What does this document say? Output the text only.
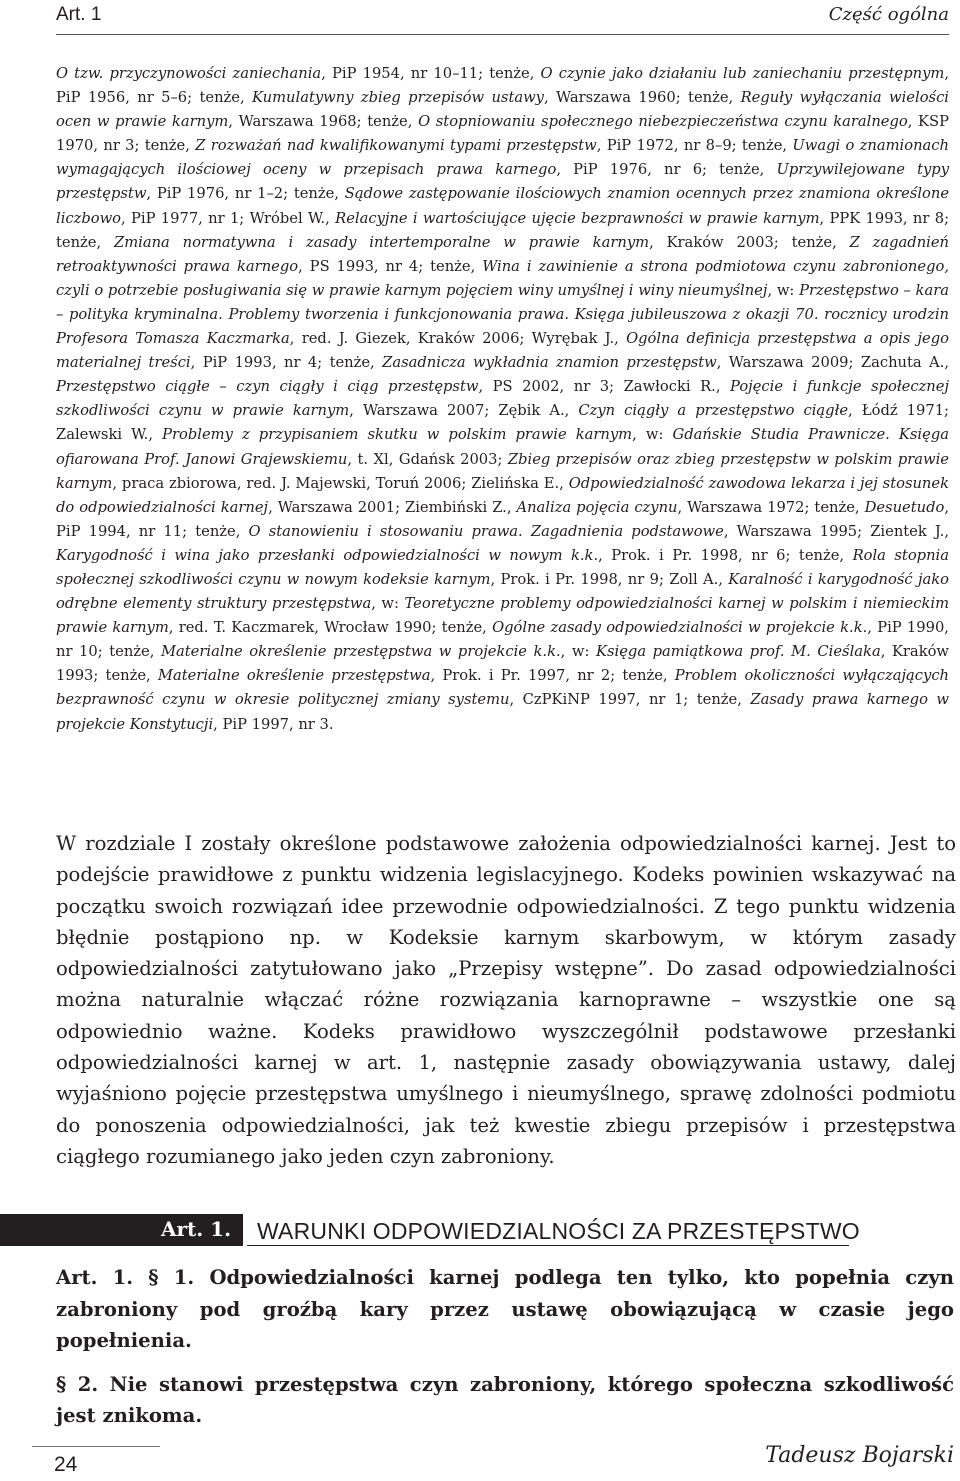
Art. 1	Część ogólna
O tzw. przyczynowości zaniechania, PiP 1954, nr 10–11; tenże, O czynie jako działaniu lub zaniechaniu przestępnym, PiP 1956, nr 5–6; tenże, Kumulatywny zbieg przepisów ustawy, Warszawa 1960; tenże, Reguły wyłączania wielości ocen w prawie karnym, Warszawa 1968; tenże, O stopniowaniu społecznego niebezpieczeństwa czynu karalnego, KSP 1970, nr 3; tenże, Z rozważań nad kwalifikowanymi typami przestępstw, PiP 1972, nr 8–9; tenże, Uwagi o znamionach wymagających ilościowej oceny w przepisach prawa karnego, PiP 1976, nr 6; tenże, Uprzywilejowane typy przestępstw, PiP 1976, nr 1–2; tenże, Sądowe zastępowanie ilościowych znamion ocennych przez znamiona określone liczbowo, PiP 1977, nr 1; Wróbel W., Relacyjne i wartościujące ujęcie bezprawności w prawie karnym, PPK 1993, nr 8; tenże, Zmiana normatywna i zasady intertemporalne w prawie karnym, Kraków 2003; tenże, Z zagadnień retroaktywności prawa karnego, PS 1993, nr 4; tenże, Wina i zawinienie a strona podmiotowa czynu zabronionego, czyli o potrzebie posługiwania się w prawie karnym pojęciem winy umyślnej i winy nieumyślnej, w: Przestępstwo – kara – polityka kryminalna. Problemy tworzenia i funkcjonowania prawa. Księga jubileuszowa z okazji 70. rocznicy urodzin Profesora Tomasza Kaczmarka, red. J. Giezek, Kraków 2006; Wyrębak J., Ogólna definicja przestępstwa a opis jego materialnej treści, PiP 1993, nr 4; tenże, Zasadnicza wykładnia znamion przestępstw, Warszawa 2009; Zachuta A., Przestępstwo ciągłe – czyn ciągły i ciąg przestępstw, PS 2002, nr 3; Zawłocki R., Pojęcie i funkcje społecznej szkodliwości czynu w prawie karnym, Warszawa 2007; Zębik A., Czyn ciągły a przestępstwo ciągłe, Łódź 1971; Zalewski W., Problemy z przypisaniem skutku w polskim prawie karnym, w: Gdańskie Studia Prawnicze. Księga ofiarowana Prof. Janowi Grajewskiemu, t. Xl, Gdańsk 2003; Zbieg przepisów oraz zbieg przestępstw w polskim prawie karnym, praca zbiorowa, red. J. Majewski, Toruń 2006; Zielińska E., Odpowiedzialność zawodowa lekarza i jej stosunek do odpowiedzialności karnej, Warszawa 2001; Ziembiński Z., Analiza pojęcia czynu, Warszawa 1972; tenże, Desuetudo, PiP 1994, nr 11; tenże, O stanowieniu i stosowaniu prawa. Zagadnienia podstawowe, Warszawa 1995; Zientek J., Karygodność i wina jako przesłanki odpowiedzialności w nowym k.k., Prok. i Pr. 1998, nr 6; tenże, Rola stopnia społecznej szkodliwości czynu w nowym kodeksie karnym, Prok. i Pr. 1998, nr 9; Zoll A., Karalność i karygodność jako odrębne elementy struktury przestępstwa, w: Teoretyczne problemy odpowiedzialności karnej w polskim i niemieckim prawie karnym, red. T. Kaczmarek, Wrocław 1990; tenże, Ogólne zasady odpowiedzialności w projekcie k.k., PiP 1990, nr 10; tenże, Materialne określenie przestępstwa w projekcie k.k., w: Księga pamiątkowa prof. M. Cieślaka, Kraków 1993; tenże, Materialne określenie przestępstwa, Prok. i Pr. 1997, nr 2; tenże, Problem okoliczności wyłączających bezprawność czynu w okresie politycznej zmiany systemu, CzPKiNP 1997, nr 1; tenże, Zasady prawa karnego w projekcie Konstytucji, PiP 1997, nr 3.
W rozdziale I zostały określone podstawowe założenia odpowiedzialności karnej. Jest to podejście prawidłowe z punktu widzenia legislacyjnego. Kodeks powinien wskazywać na początku swoich rozwiązań idee przewodnie odpowiedzialności. Z tego punktu widzenia błędnie postąpiono np. w Kodeksie karnym skarbowym, w którym zasady odpowiedzialności zatytułowano jako „Przepisy wstępne”. Do zasad odpowiedzialności można naturalnie włączać różne rozwiązania karnoprawne – wszystkie one są odpowiednio ważne. Kodeks prawidłowo wyszczególnił podstawowe przesłanki odpowiedzialności karnej w art. 1, następnie zasady obowiązywania ustawy, dalej wyjaśniono pojęcie przestępstwa umyślnego i nieumyślnego, sprawę zdolności podmiotu do ponoszenia odpowiedzialności, jak też kwestie zbiegu przepisów i przestępstwa ciągłego rozumianego jako jeden czyn zabroniony.
Art. 1. WARUNKI ODPOWIEDZIALNOŚCI ZA PRZESTĘPSTWO

Art. 1. § 1. Odpowiedzialności karnej podlega ten tylko, kto popełnia czyn zabroniony pod groźbą kary przez ustawę obowiązującą w czasie jego popełnienia.

§ 2. Nie stanowi przestępstwa czyn zabroniony, którego społeczna szkodliwość jest znikoma.

24	Tadeusz Bojarski
